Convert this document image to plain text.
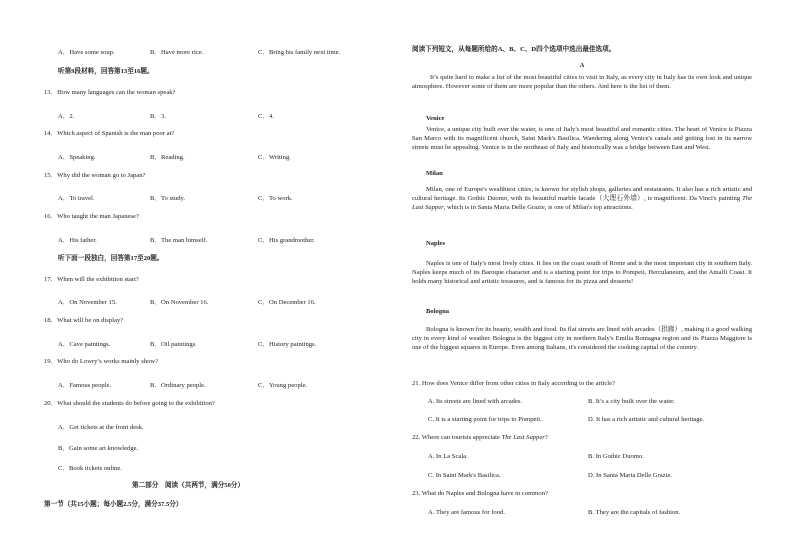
A．Have some soup.	B．Have more rice.	C．Bring his family next time.
听第9段材料，回答第13至16题。
13．How many languages can the woman speak?
A．2.	B．3.	C．4.
14．Which aspect of Spanish is the man poor at?
A．Speaking.	B．Reading.	C．Writing.
15．Why did the woman go to Japan?
A．To travel.	B．To study.	C．To work.
16．Who taught the man Japanese?
A．His father.	B．The man himself.	C．His grandmother.
听下面一段独白，回答第17至20题。
17．When will the exhibition start?
A．On November 15.	B．On November 16.	C．On December 16.
18．What will be on display?
A．Cave paintings.	B．Oil paintings.	C．History paintings.
19．Who do Lowry’s works mainly show?
A．Famous people.	B．Ordinary people.	C．Young people.
20．What should the students do before going to the exhibition?
A．Get tickets at the front desk.
B．Gain some art knowledge.
C．Book tickets online.
第二部分　阅读（共两节，满分50分）
第一节（共15小题；每小题2.5分，满分37.5分）
阅读下列短文，从每题所给的A、B、C、D四个选项中选出最佳选项。
A
It’s quite hard to make a list of the most beautiful cities to visit in Italy, as every city in Italy has its own look and unique atmosphere. However some of them are more popular than the others. And here is the list of them.
Venice
Venice, a unique city built over the water, is one of Italy's most beautiful and romantic cities. The heart of Venice is Piazza San Marco with its magnificent church, Saint Mark's Basilica. Wandering along Venice's canals and getting lost in its narrow streets must be appealing. Venice is in the northeast of Italy and historically was a bridge between East and West.
Milan
Milan, one of Europe's wealthiest cities, is known for stylish shops, galleries and restaurants. It also has a rich artistic and cultural heritage. Its Gothic Duomo, with its beautiful marble facade（大理石外墙）, is magnificent. Da Vinci's painting The Last Supper, which is in Santa Maria Delle Grazie, is one of Milan's top attractions.
Naples
Naples is one of Italy's most lively cities. It lies on the coast south of Rome and is the most important city in southern Italy. Naples keeps much of its Baroque character and is a starting point for trips to Pompeii, Herculaneum, and the Amalfi Coast. It holds many historical and artistic treasures, and is famous for its pizza and desserts!
Bologna
Bologna is known for its beauty, wealth and food. Its flat streets are lined with arcades（拱廊）, making it a good walking city in every kind of weather. Bologna is the biggest city in northern Italy's Emilia Romagna region and its Piazza Maggiore is one of the biggest squares in Europe. Even among Italians, it's considered the cooking capital of the country.
21. How does Venice differ from other cities in Italy according to the article?
A. Its streets are lined with arcades.	B. It’s a city built over the water.
C. It is a starting point for trips to Pompeii.	D. It has a rich artistic and cultural heritage.
22. Where can tourists appreciate The Last Supper?
A. In La Scala.	B. In Gothic Duomo.
C. In Saint Mark's Basilica.	D. In Santa Maria Delle Grazie.
23. What do Naples and Bologna have in common?
A. They are famous for food.	B. They are the capitals of fashion.
